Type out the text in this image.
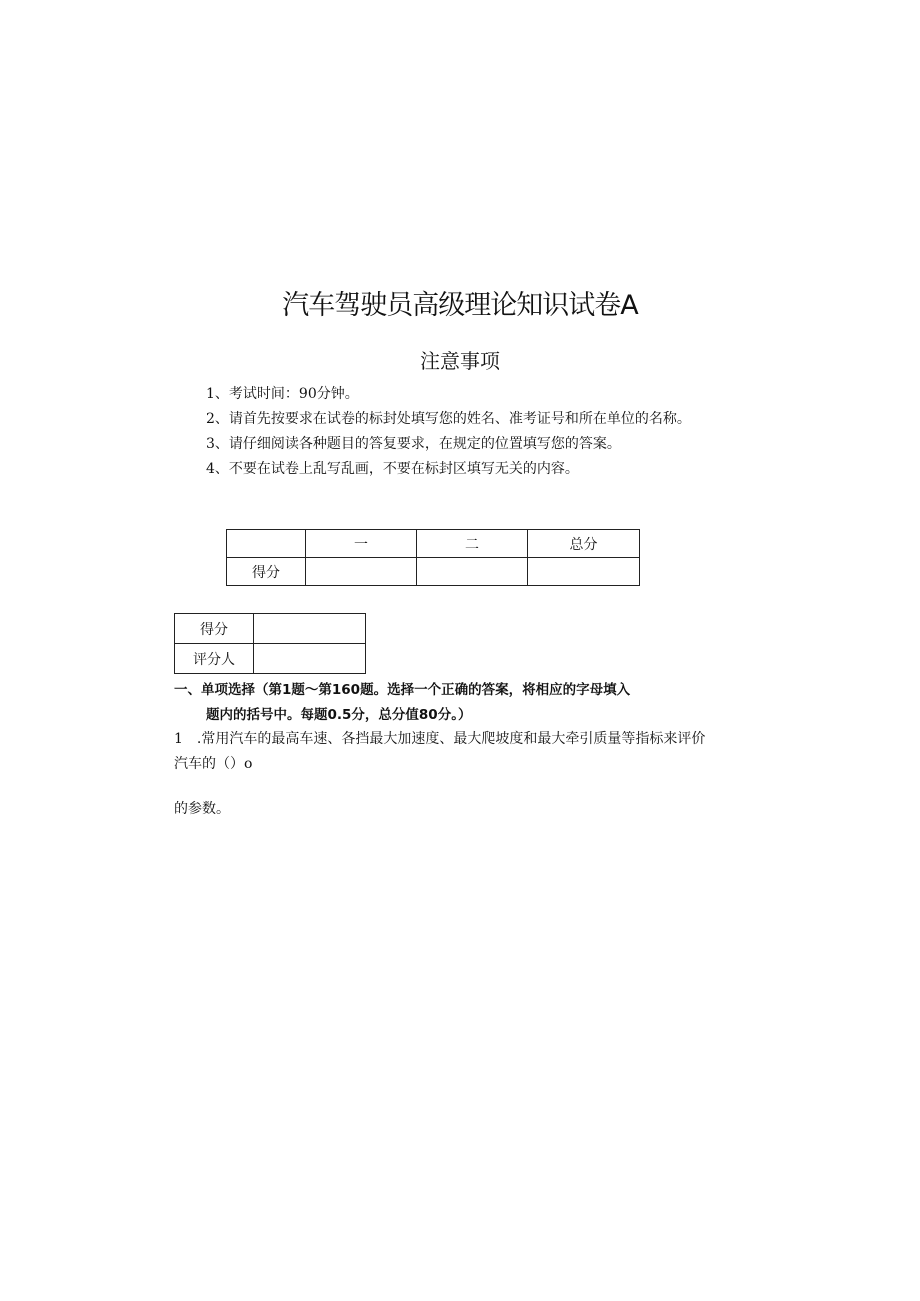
汽车驾驶员高级理论知识试卷A
注意事项

1、考试时间：90分钟。

2、请首先按要求在试卷的标封处填写您的姓名、准考证号和所在单位的名称。

3、请仔细阅读各种题目的答复要求，在规定的位置填写您的答案。

4、不要在试卷上乱写乱画，不要在标封区填写无关的内容。

	一	二	总分
得分			
得分	
评分人	
一、单项选择（第1题～第160题。选择一个正确的答案，将相应的字母填入
题内的括号中。每题0.5分，总分值80分。）
1 .常用汽车的最高车速、各挡最大加速度、最大爬坡度和最大牵引质量等指标来评价汽车的（）o
的参数。
